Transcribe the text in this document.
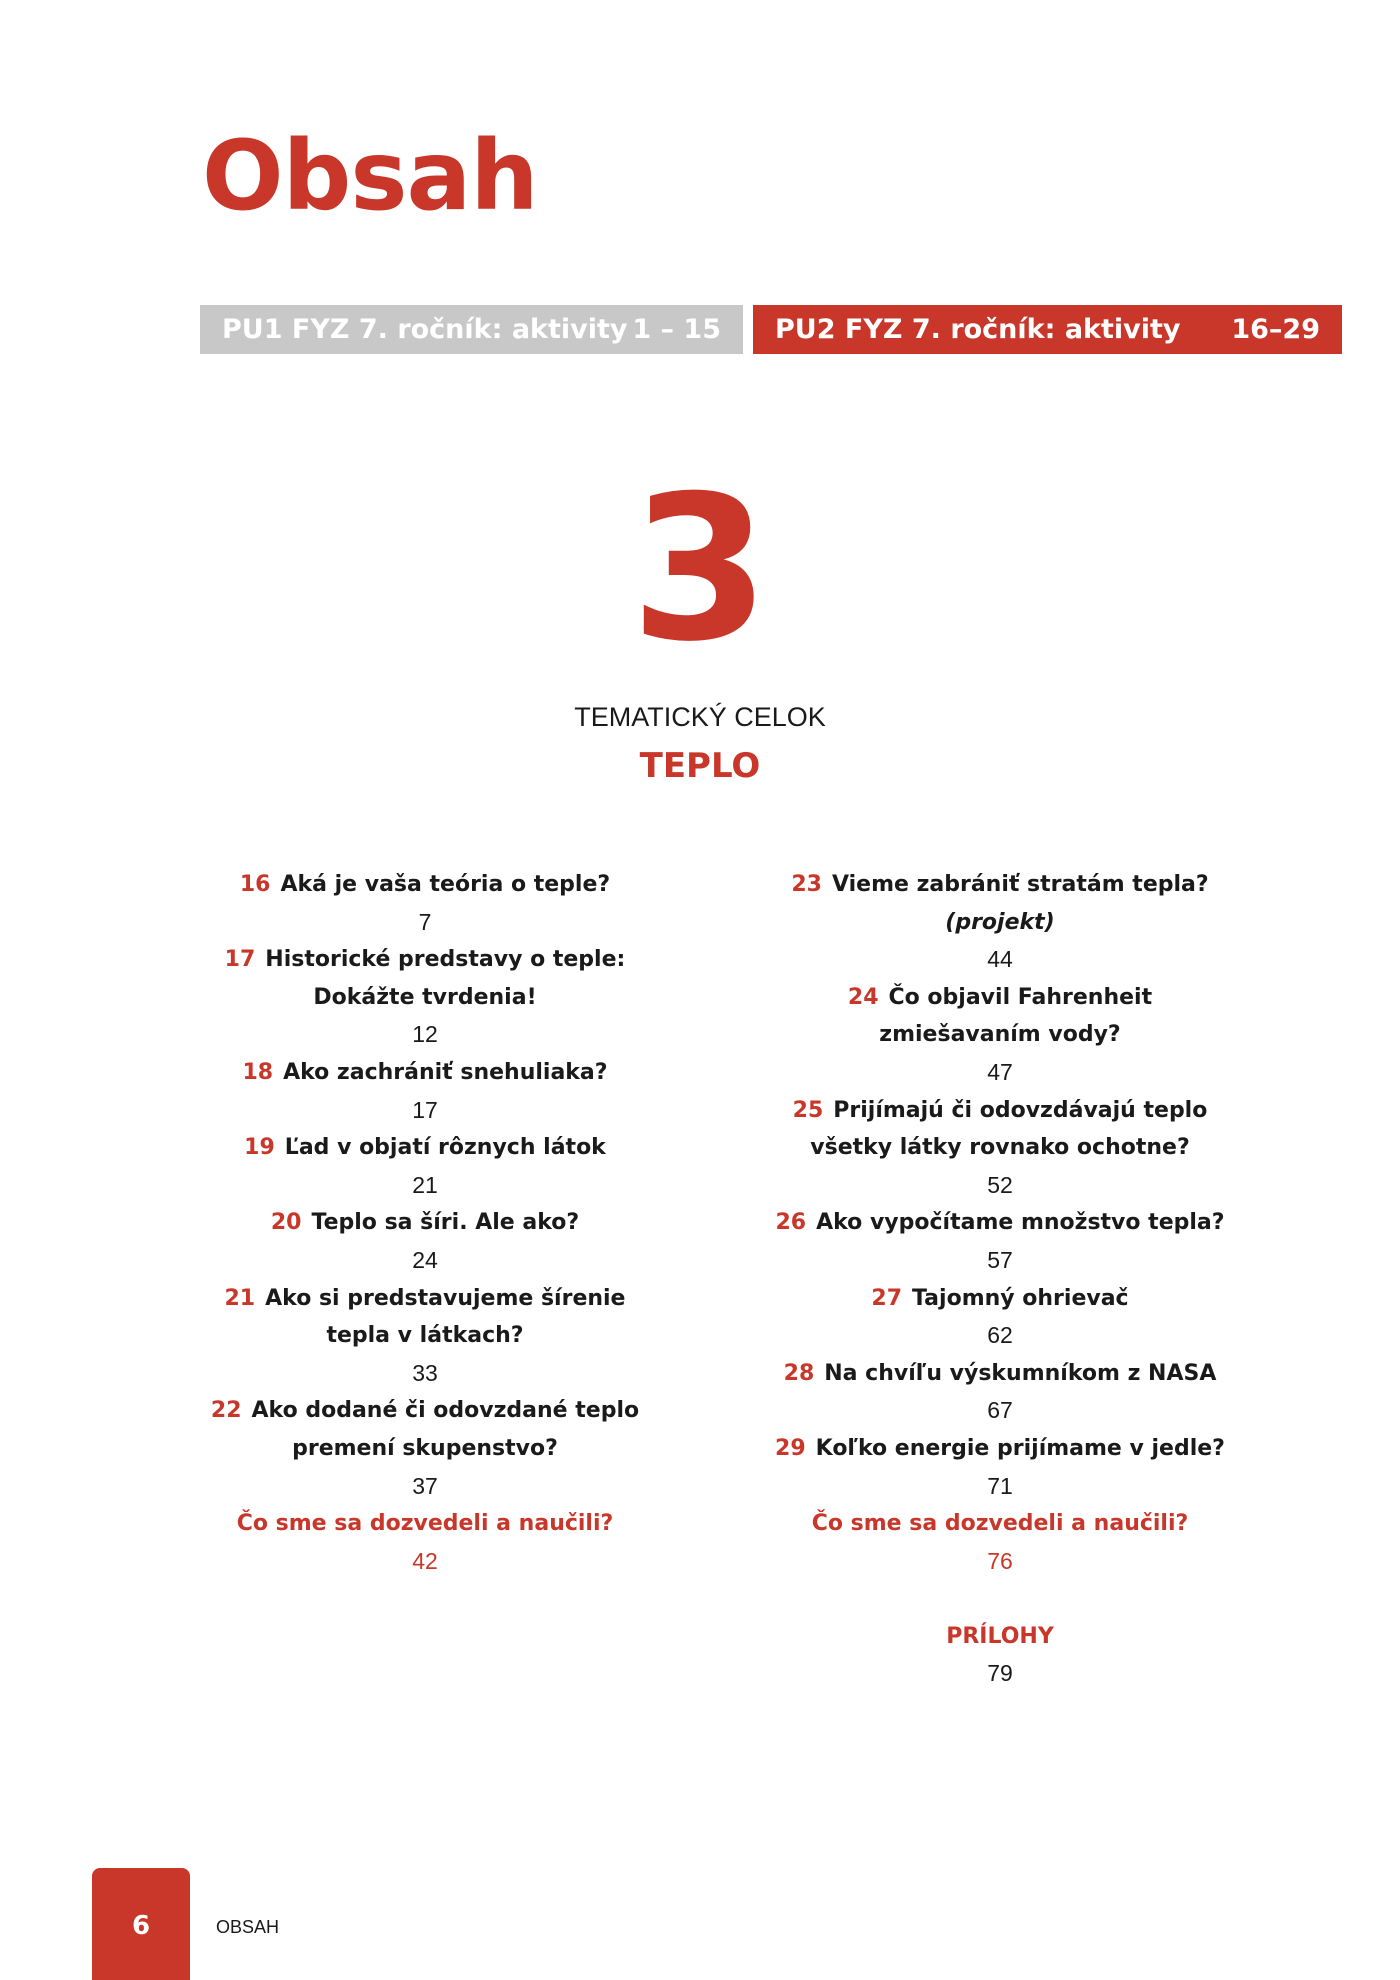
Obsah
PU1 FYZ 7. ročník: aktivity 1 – 15 PU2 FYZ 7. ročník: aktivity 16–29
3
TEMATICKÝ CELOK
TEPLO
16 Aká je vaša teória o teple?
7
17 Historické predstavy o teple:
Dokážte tvrdenia!
12
18 Ako zachrániť snehuliaka?
17
19 Ľad v objatí rôznych látok
21
20 Teplo sa šíri. Ale ako?
24
21 Ako si predstavujeme šírenie
tepla v látkach?
33
22 Ako dodané či odovzdané teplo
premení skupenstvo?
37
Čo sme sa dozvedeli a naučili?
42
23 Vieme zabrániť stratám tepla?
(projekt)
44
24 Čo objavil Fahrenheit
zmiešavaním vody?
47
25 Prijímajú či odovzdávajú teplo
všetky látky rovnako ochotne?
52
26 Ako vypočítame množstvo tepla?
57
27 Tajomný ohrievač
62
28 Na chvíľu výskumníkom z NASA
67
29 Koľko energie prijímame v jedle?
71
Čo sme sa dozvedeli a naučili?
76
PRÍLOHY
79
6	OBSAH
